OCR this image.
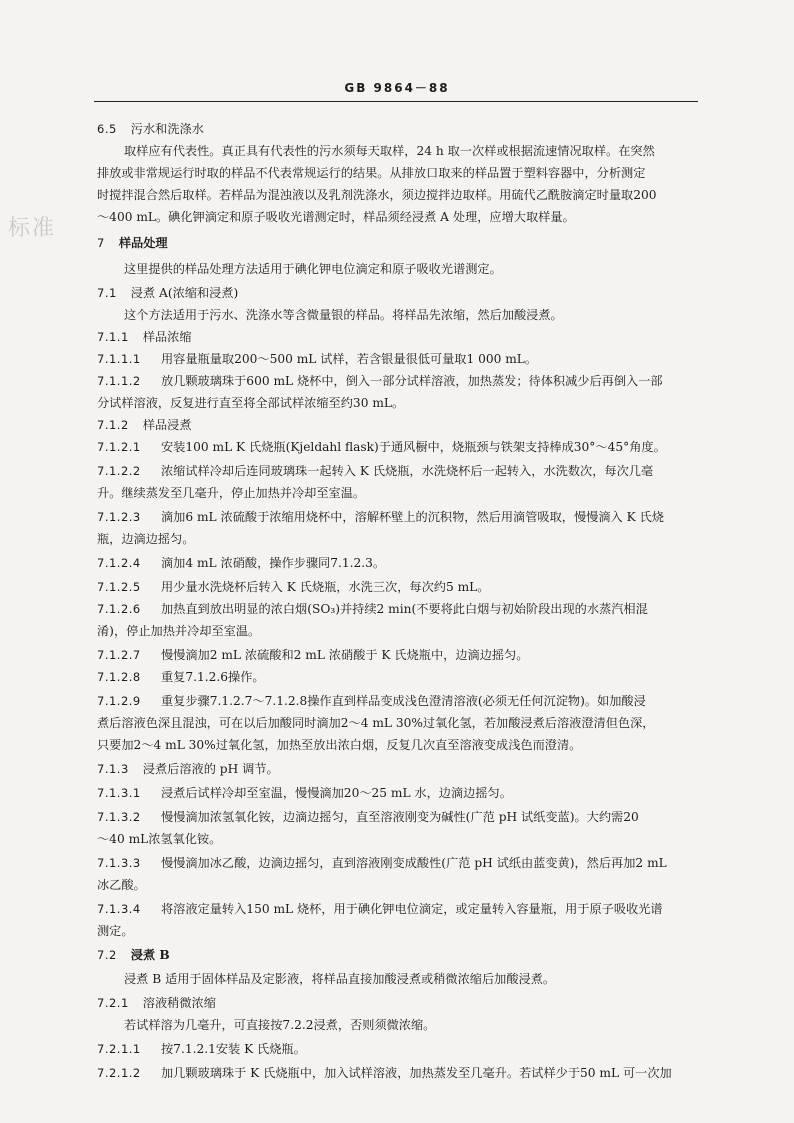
GB 9864－88
标准
6.5 污水和洗涤水
取样应有代表性。真正具有代表性的污水须每天取样，24 h 取一次样或根据流速情况取样。在突然
排放或非常规运行时取的样品不代表常规运行的结果。从排放口取来的样品置于塑料容器中，分析测定
时搅拌混合然后取样。若样品为混浊液以及乳剂洗涤水，须边搅拌边取样。用硫代乙酰胺滴定时量取200
～400 mL。碘化钾滴定和原子吸收光谱测定时，样品须经浸煮 A 处理，应增大取样量。
7 样品处理
这里提供的样品处理方法适用于碘化钾电位滴定和原子吸收光谱测定。
7.1 浸煮 A(浓缩和浸煮)
这个方法适用于污水、洗涤水等含微量银的样品。将样品先浓缩，然后加酸浸煮。
7.1.1 样品浓缩
7.1.1.1 用容量瓶量取200～500 mL 试样，若含银量很低可量取1 000 mL。
7.1.1.2 放几颗玻璃珠于600 mL 烧杯中，倒入一部分试样溶液，加热蒸发；待体积减少后再倒入一部
分试样溶液，反复进行直至将全部试样浓缩至约30 mL。
7.1.2 样品浸煮
7.1.2.1 安装100 mL K 氏烧瓶(Kjeldahl flask)于通风橱中，烧瓶颈与铁架支持棒成30°～45°角度。
7.1.2.2 浓缩试样冷却后连同玻璃珠一起转入 K 氏烧瓶，水洗烧杯后一起转入，水洗数次，每次几毫
升。继续蒸发至几毫升，停止加热并冷却至室温。
7.1.2.3 滴加6 mL 浓硫酸于浓缩用烧杯中，溶解杯壁上的沉积物，然后用滴管吸取，慢慢滴入 K 氏烧
瓶，边滴边摇匀。
7.1.2.4 滴加4 mL 浓硝酸，操作步骤同7.1.2.3。
7.1.2.5 用少量水洗烧杯后转入 K 氏烧瓶，水洗三次，每次约5 mL。
7.1.2.6 加热直到放出明显的浓白烟(SO₃)并持续2 min(不要将此白烟与初始阶段出现的水蒸汽相混
淆)，停止加热并冷却至室温。
7.1.2.7 慢慢滴加2 mL 浓硫酸和2 mL 浓硝酸于 K 氏烧瓶中，边滴边摇匀。
7.1.2.8 重复7.1.2.6操作。
7.1.2.9 重复步骤7.1.2.7～7.1.2.8操作直到样品变成浅色澄清溶液(必须无任何沉淀物)。如加酸浸
煮后溶液色深且混浊，可在以后加酸同时滴加2～4 mL 30%过氧化氢，若加酸浸煮后溶液澄清但色深，
只要加2～4 mL 30%过氧化氢，加热至放出浓白烟，反复几次直至溶液变成浅色而澄清。
7.1.3 浸煮后溶液的 pH 调节。
7.1.3.1 浸煮后试样冷却至室温，慢慢滴加20～25 mL 水，边滴边摇匀。
7.1.3.2 慢慢滴加浓氢氧化铵，边滴边摇匀，直至溶液刚变为碱性(广范 pH 试纸变蓝)。大约需20
～40 mL浓氢氧化铵。
7.1.3.3 慢慢滴加冰乙酸，边滴边摇匀，直到溶液刚变成酸性(广范 pH 试纸由蓝变黄)，然后再加2 mL
冰乙酸。
7.1.3.4 将溶液定量转入150 mL 烧杯，用于碘化钾电位滴定，或定量转入容量瓶，用于原子吸收光谱
测定。
7.2 浸煮 B
浸煮 B 适用于固体样品及定影液，将样品直接加酸浸煮或稍微浓缩后加酸浸煮。
7.2.1 溶液稍微浓缩
若试样溶为几毫升，可直接按7.2.2浸煮，否则须微浓缩。
7.2.1.1 按7.1.2.1安装 K 氏烧瓶。
7.2.1.2 加几颗玻璃珠于 K 氏烧瓶中，加入试样溶液，加热蒸发至几毫升。若试样少于50 mL 可一次加
